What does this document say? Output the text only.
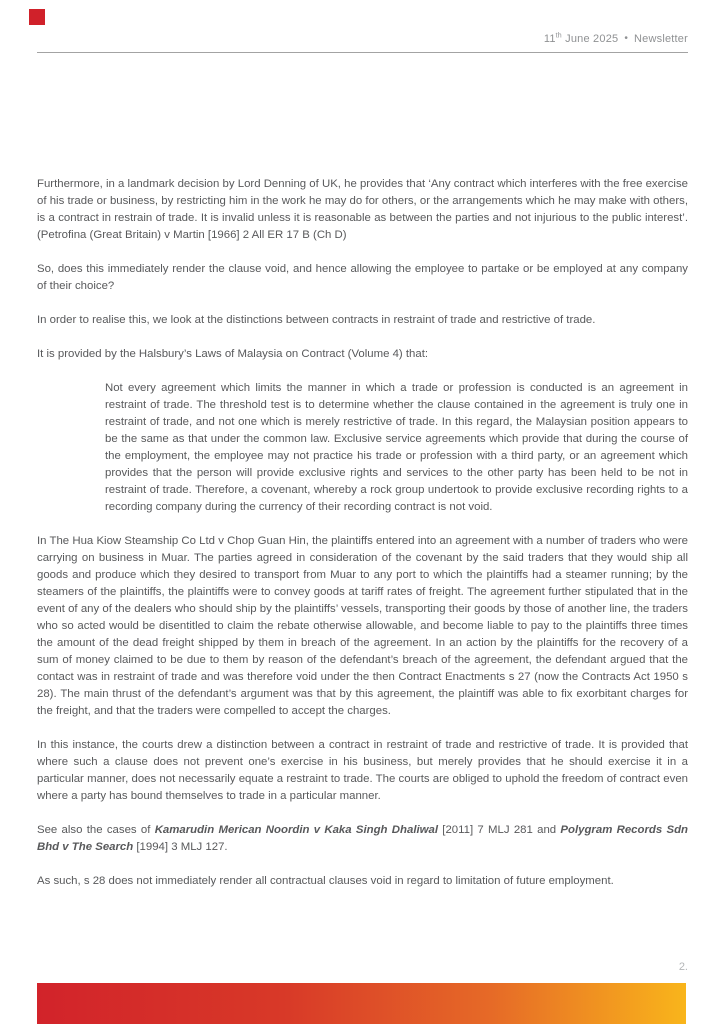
11th June 2025 • Newsletter

Furthermore, in a landmark decision by Lord Denning of UK, he provides that ‘Any contract which interferes with the free exercise of his trade or business, by restricting him in the work he may do for others, or the arrangements which he may make with others, is a contract in restrain of trade. It is invalid unless it is reasonable as between the parties and not injurious to the public interest’. (Petrofina (Great Britain) v Martin [1966] 2 All ER 17 B (Ch D)

So, does this immediately render the clause void, and hence allowing the employee to partake or be employed at any company of their choice?

In order to realise this, we look at the distinctions between contracts in restraint of trade and restrictive of trade.

It is provided by the Halsbury’s Laws of Malaysia on Contract (Volume 4) that:

Not every agreement which limits the manner in which a trade or profession is conducted is an agreement in restraint of trade. The threshold test is to determine whether the clause contained in the agreement is truly one in restraint of trade, and not one which is merely restrictive of trade. In this regard, the Malaysian position appears to be the same as that under the common law. Exclusive service agreements which provide that during the course of the employment, the employee may not practice his trade or profession with a third party, or an agreement which provides that the person will provide exclusive rights and services to the other party has been held to be not in restraint of trade. Therefore, a covenant, whereby a rock group undertook to provide exclusive recording rights to a recording company during the currency of their recording contract is not void.

In The Hua Kiow Steamship Co Ltd v Chop Guan Hin, the plaintiffs entered into an agreement with a number of traders who were carrying on business in Muar. The parties agreed in consideration of the covenant by the said traders that they would ship all goods and produce which they desired to transport from Muar to any port to which the plaintiffs had a steamer running; by the steamers of the plaintiffs, the plaintiffs were to convey goods at tariff rates of freight. The agreement further stipulated that in the event of any of the dealers who should ship by the plaintiffs’ vessels, transporting their goods by those of another line, the traders who so acted would be disentitled to claim the rebate otherwise allowable, and become liable to pay to the plaintiffs three times the amount of the dead freight shipped by them in breach of the agreement. In an action by the plaintiffs for the recovery of a sum of money claimed to be due to them by reason of the defendant’s breach of the agreement, the defendant argued that the contact was in restraint of trade and was therefore void under the then Contract Enactments s 27 (now the Contracts Act 1950 s 28). The main thrust of the defendant’s argument was that by this agreement, the plaintiff was able to fix exorbitant charges for the freight, and that the traders were compelled to accept the charges.

In this instance, the courts drew a distinction between a contract in restraint of trade and restrictive of trade. It is provided that where such a clause does not prevent one’s exercise in his business, but merely provides that he should exercise it in a particular manner, does not necessarily equate a restraint to trade. The courts are obliged to uphold the freedom of contract even where a party has bound themselves to trade in a particular manner.

See also the cases of Kamarudin Merican Noordin v Kaka Singh Dhaliwal [2011] 7 MLJ 281 and Polygram Records Sdn Bhd v The Search [1994] 3 MLJ 127.

As such, s 28 does not immediately render all contractual clauses void in regard to limitation of future employment.

2.
